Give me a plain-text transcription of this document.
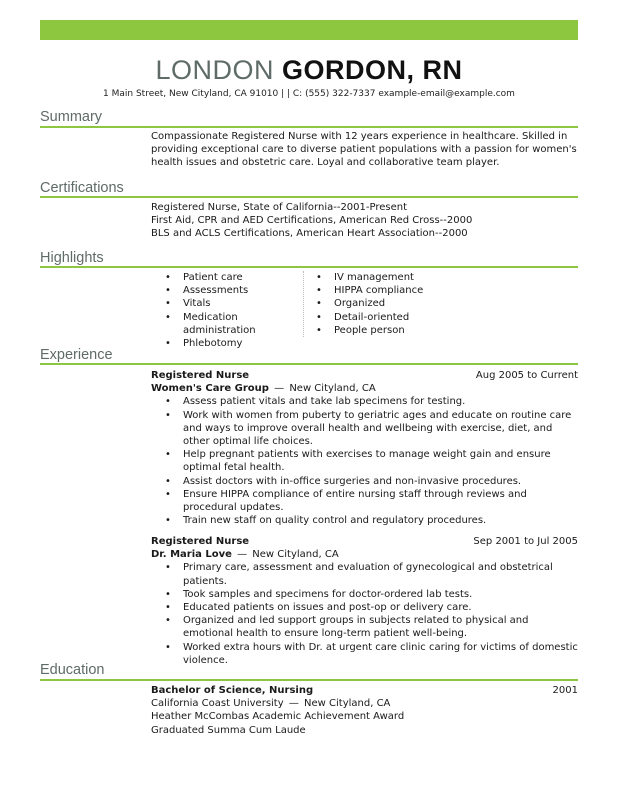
LONDON GORDON, RN
1 Main Street, New Cityland, CA 91010 | | C: (555) 322-7337 example-email@example.com
Summary
Compassionate Registered Nurse with 12 years experience in healthcare. Skilled in providing exceptional care to diverse patient populations with a passion for women's health issues and obstetric care. Loyal and collaborative team player.
Certifications
Registered Nurse, State of California--2001-Present
First Aid, CPR and AED Certifications, American Red Cross--2000
BLS and ACLS Certifications, American Heart Association--2000
Highlights
• Patient care
• Assessments
• Vitals
• Medication administration
• Phlebotomy
• IV management
• HIPPA compliance
• Organized
• Detail-oriented
• People person
Experience
Registered Nurse	Aug 2005 to Current
Women's Care Group — New Cityland, CA
• Assess patient vitals and take lab specimens for testing.
• Work with women from puberty to geriatric ages and educate on routine care and ways to improve overall health and wellbeing with exercise, diet, and other optimal life choices.
• Help pregnant patients with exercises to manage weight gain and ensure optimal fetal health.
• Assist doctors with in-office surgeries and non-invasive procedures.
• Ensure HIPPA compliance of entire nursing staff through reviews and procedural updates.
• Train new staff on quality control and regulatory procedures.
Registered Nurse	Sep 2001 to Jul 2005
Dr. Maria Love — New Cityland, CA
• Primary care, assessment and evaluation of gynecological and obstetrical patients.
• Took samples and specimens for doctor-ordered lab tests.
• Educated patients on issues and post-op or delivery care.
• Organized and led support groups in subjects related to physical and emotional health to ensure long-term patient well-being.
• Worked extra hours with Dr. at urgent care clinic caring for victims of domestic violence.
Education
Bachelor of Science, Nursing	2001
California Coast University — New Cityland, CA
Heather McCombas Academic Achievement Award
Graduated Summa Cum Laude
